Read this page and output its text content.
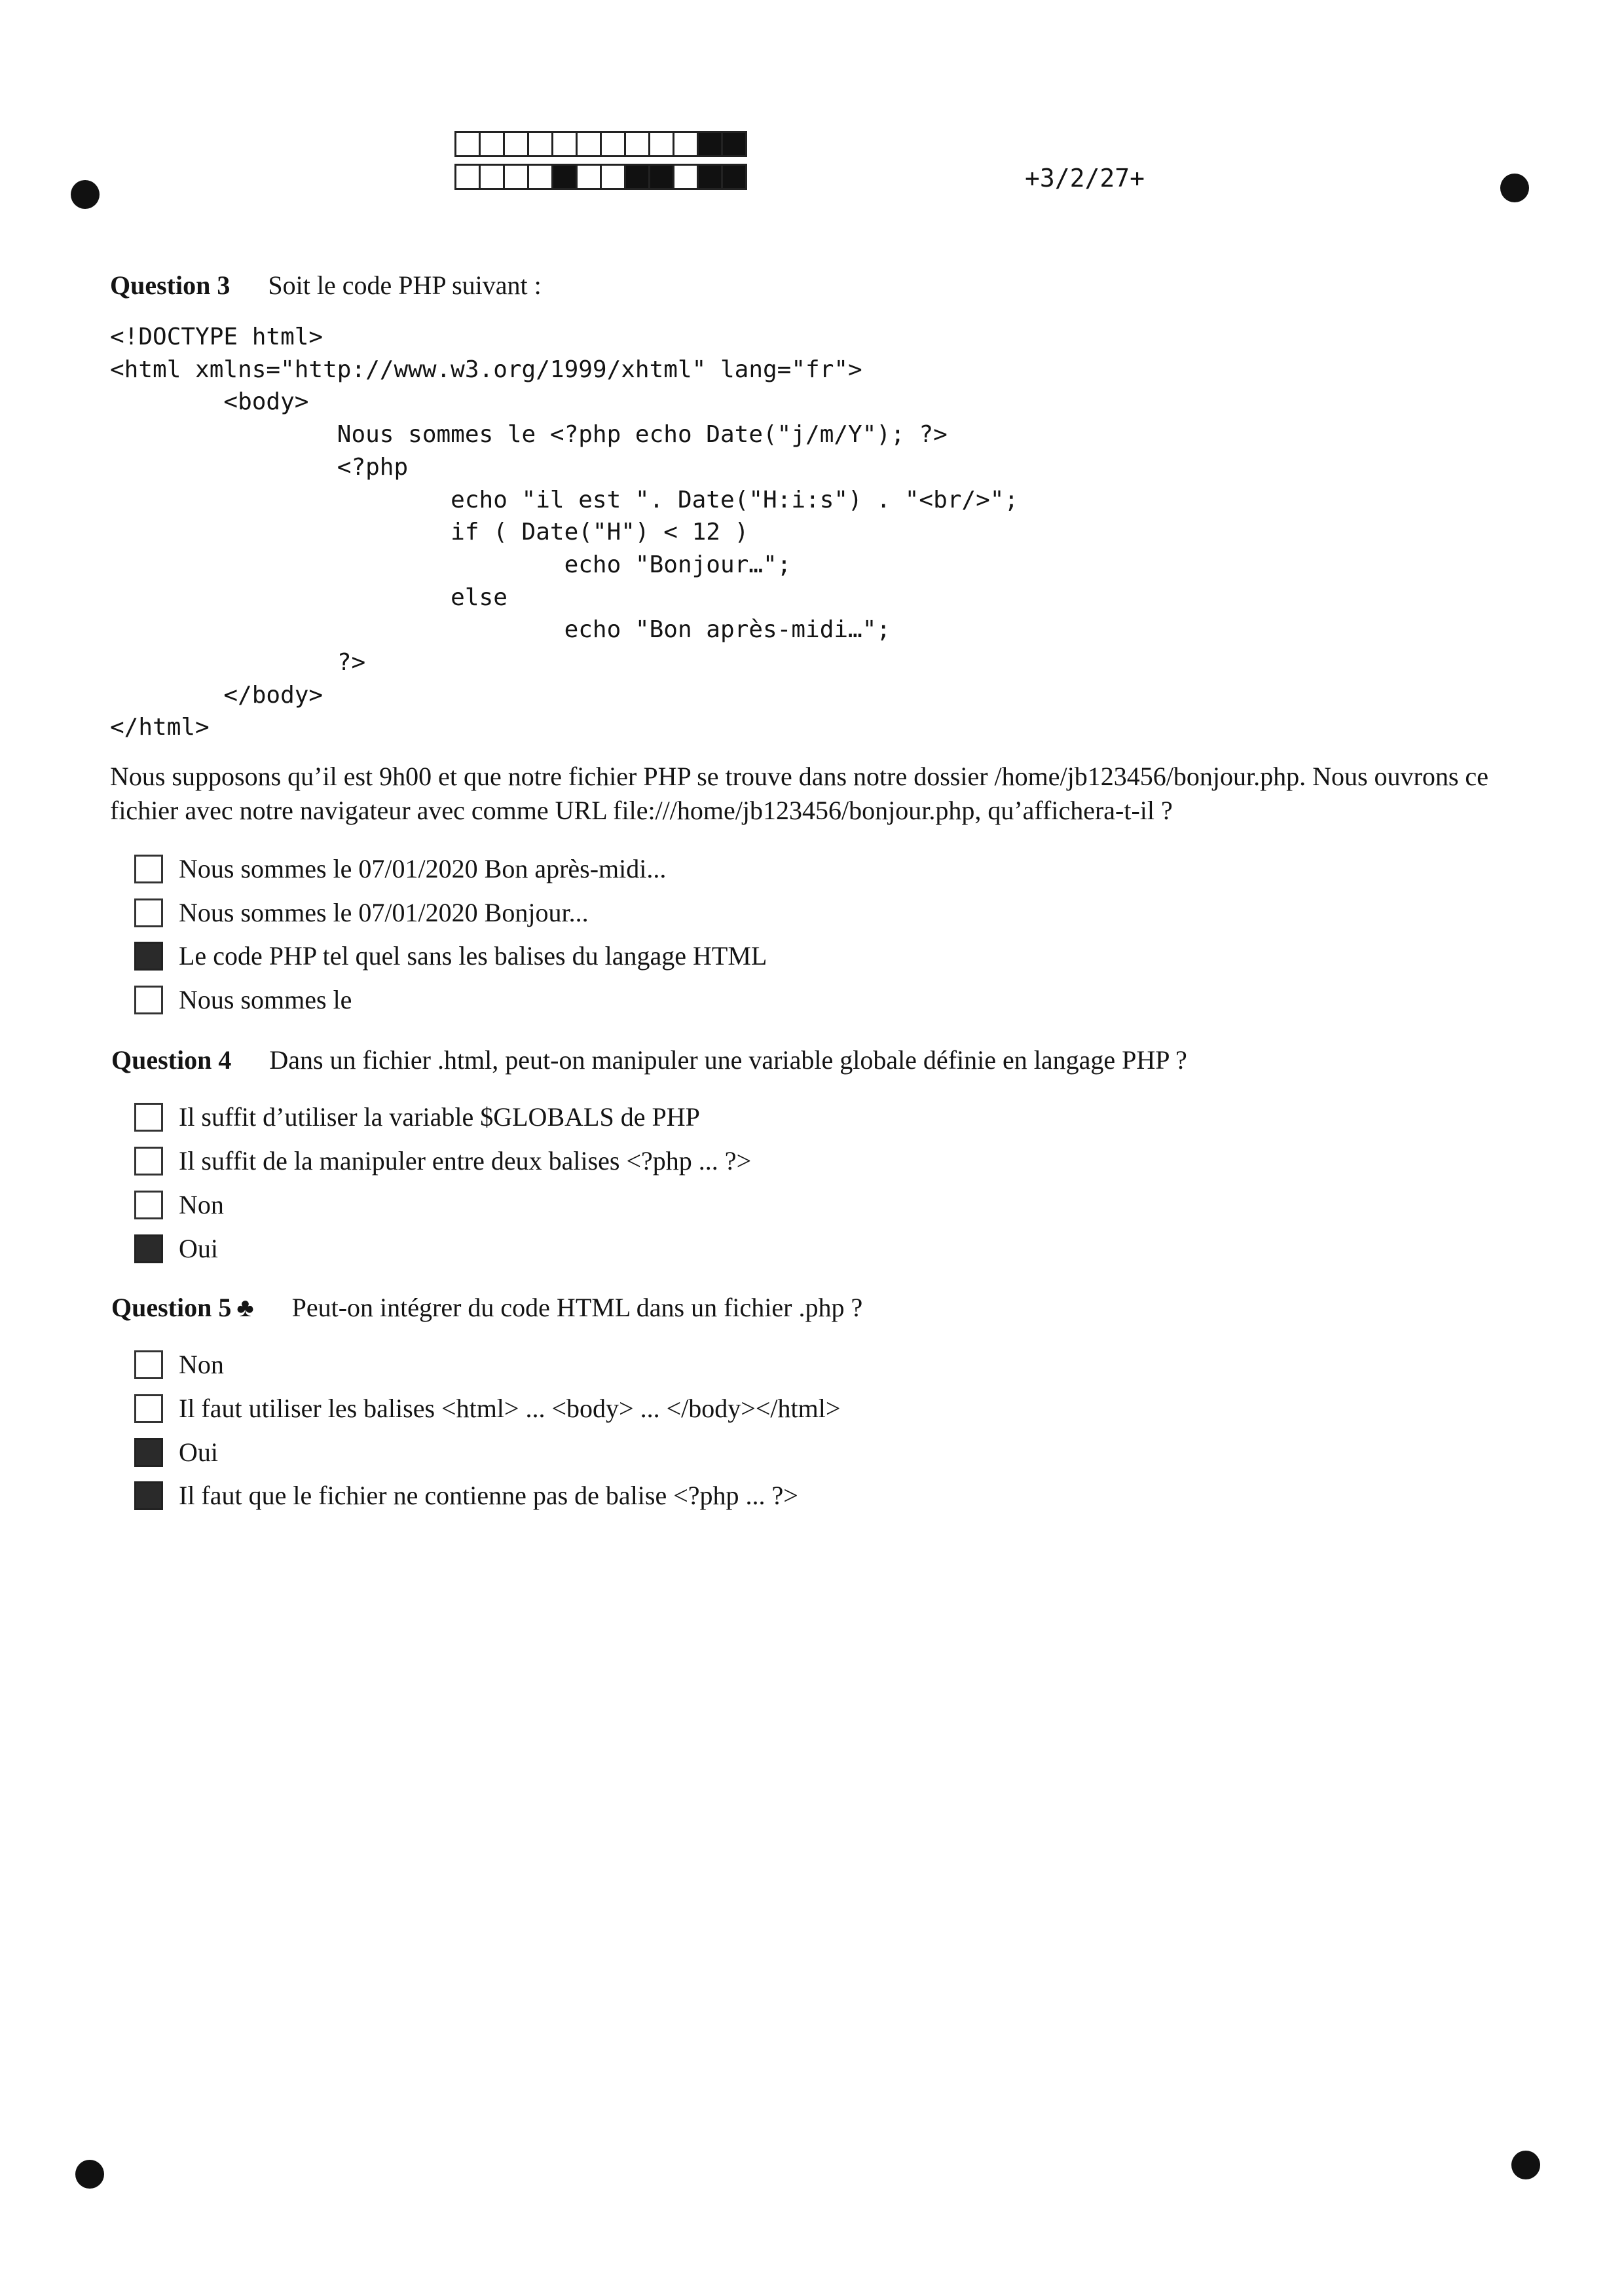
+3/2/27+
Question 3 Soit le code PHP suivant :
<!DOCTYPE html>
<html xmlns="http://www.w3.org/1999/xhtml" lang="fr">
<body>
Nous sommes le <?php echo Date("j/m/Y"); ?>
<?php
echo "il est ". Date("H:i:s") . "<br/>";
if ( Date("H") < 12 )
echo "Bonjour…";
else
echo "Bon après-midi…";
?>
</body>
</html>
Nous supposons qu’il est 9h00 et que notre fichier PHP se trouve dans notre dossier /home/jb123456/bonjour.php. Nous ouvrons ce fichier avec notre navigateur avec comme URL file:///home/jb123456/bonjour.php, qu’affichera-t-il ?
Nous sommes le 07/01/2020 Bon après-midi...
Nous sommes le 07/01/2020 Bonjour...
Le code PHP tel quel sans les balises du langage HTML
Nous sommes le
Question 4 Dans un fichier .html, peut-on manipuler une variable globale définie en langage PHP ?
Il suffit d’utiliser la variable $GLOBALS de PHP
Il suffit de la manipuler entre deux balises <?php ... ?>
Non
Oui
Question 5 ♣ Peut-on intégrer du code HTML dans un fichier .php ?
Non
Il faut utiliser les balises <html> ... <body> ... </body></html>
Oui
Il faut que le fichier ne contienne pas de balise <?php ... ?>
